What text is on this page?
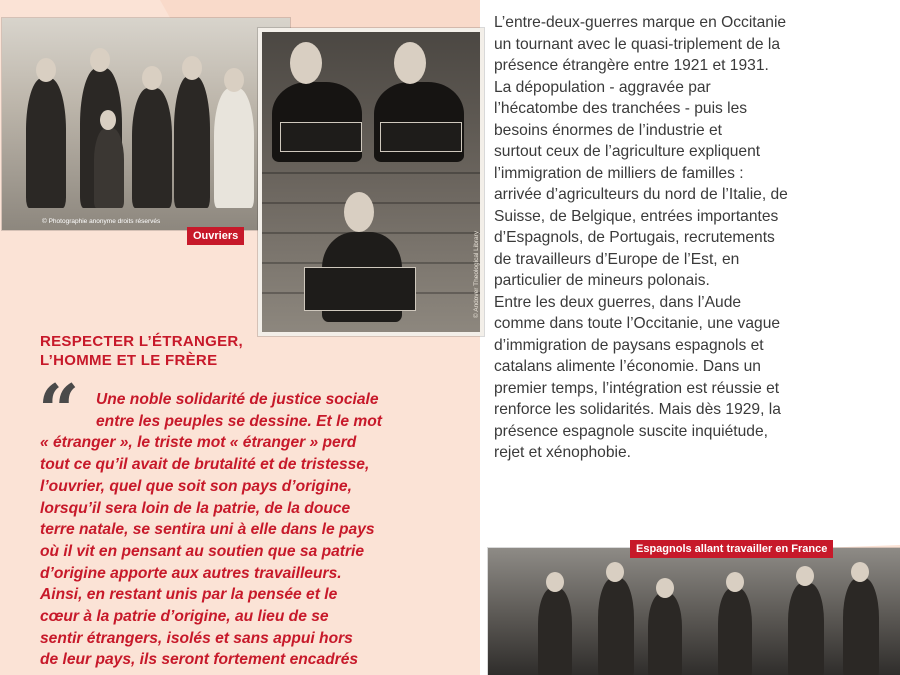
© Photographie anonyme droits réservés
Ouvriers	© Andover Theological Library

L’entre-deux-guerres marque en Occitanie

un tournant avec le quasi-triplement de la

présence étrangère entre 1921 et 1931.

La dépopulation - aggravée par

l’hécatombe des tranchées - puis les

besoins énormes de l’industrie et

surtout ceux de l’agriculture expliquent

l’immigration de milliers de familles :

arrivée d’agriculteurs du nord de l’Italie, de

Suisse, de Belgique, entrées importantes

d’Espagnols, de Portugais, recrutements

de travailleurs d’Europe de l’Est, en

particulier de mineurs polonais.

Entre les deux guerres, dans l’Aude

comme dans toute l’Occitanie, une vague

d’immigration de paysans espagnols et

catalans alimente l’économie. Dans un

premier temps, l’intégration est réussie et

renforce les solidarités. Mais dès 1929, la

présence espagnole suscite inquiétude,

rejet et xénophobie.

RESPECTER L’ÉTRANGER,
L’HOMME ET LE FRÈRE
“	Une noble solidarité de justice sociale
entre les peuples se dessine. Et le mot
« étranger », le triste mot « étranger » perd
tout ce qu’il avait de brutalité et de tristesse,
l’ouvrier, quel que soit son pays d’origine,
lorsqu’il sera loin de la patrie, de la douce
terre natale, se sentira uni à elle dans le pays
où il vit en pensant au soutien que sa patrie
d’origine apporte aux autres travailleurs.
Ainsi, en restant unis par la pensée et le
cœur à la patrie d’origine, au lieu de se
sentir étrangers, isolés et sans appui hors
de leur pays, ils seront fortement encadrés
Espagnols allant travailler en France
